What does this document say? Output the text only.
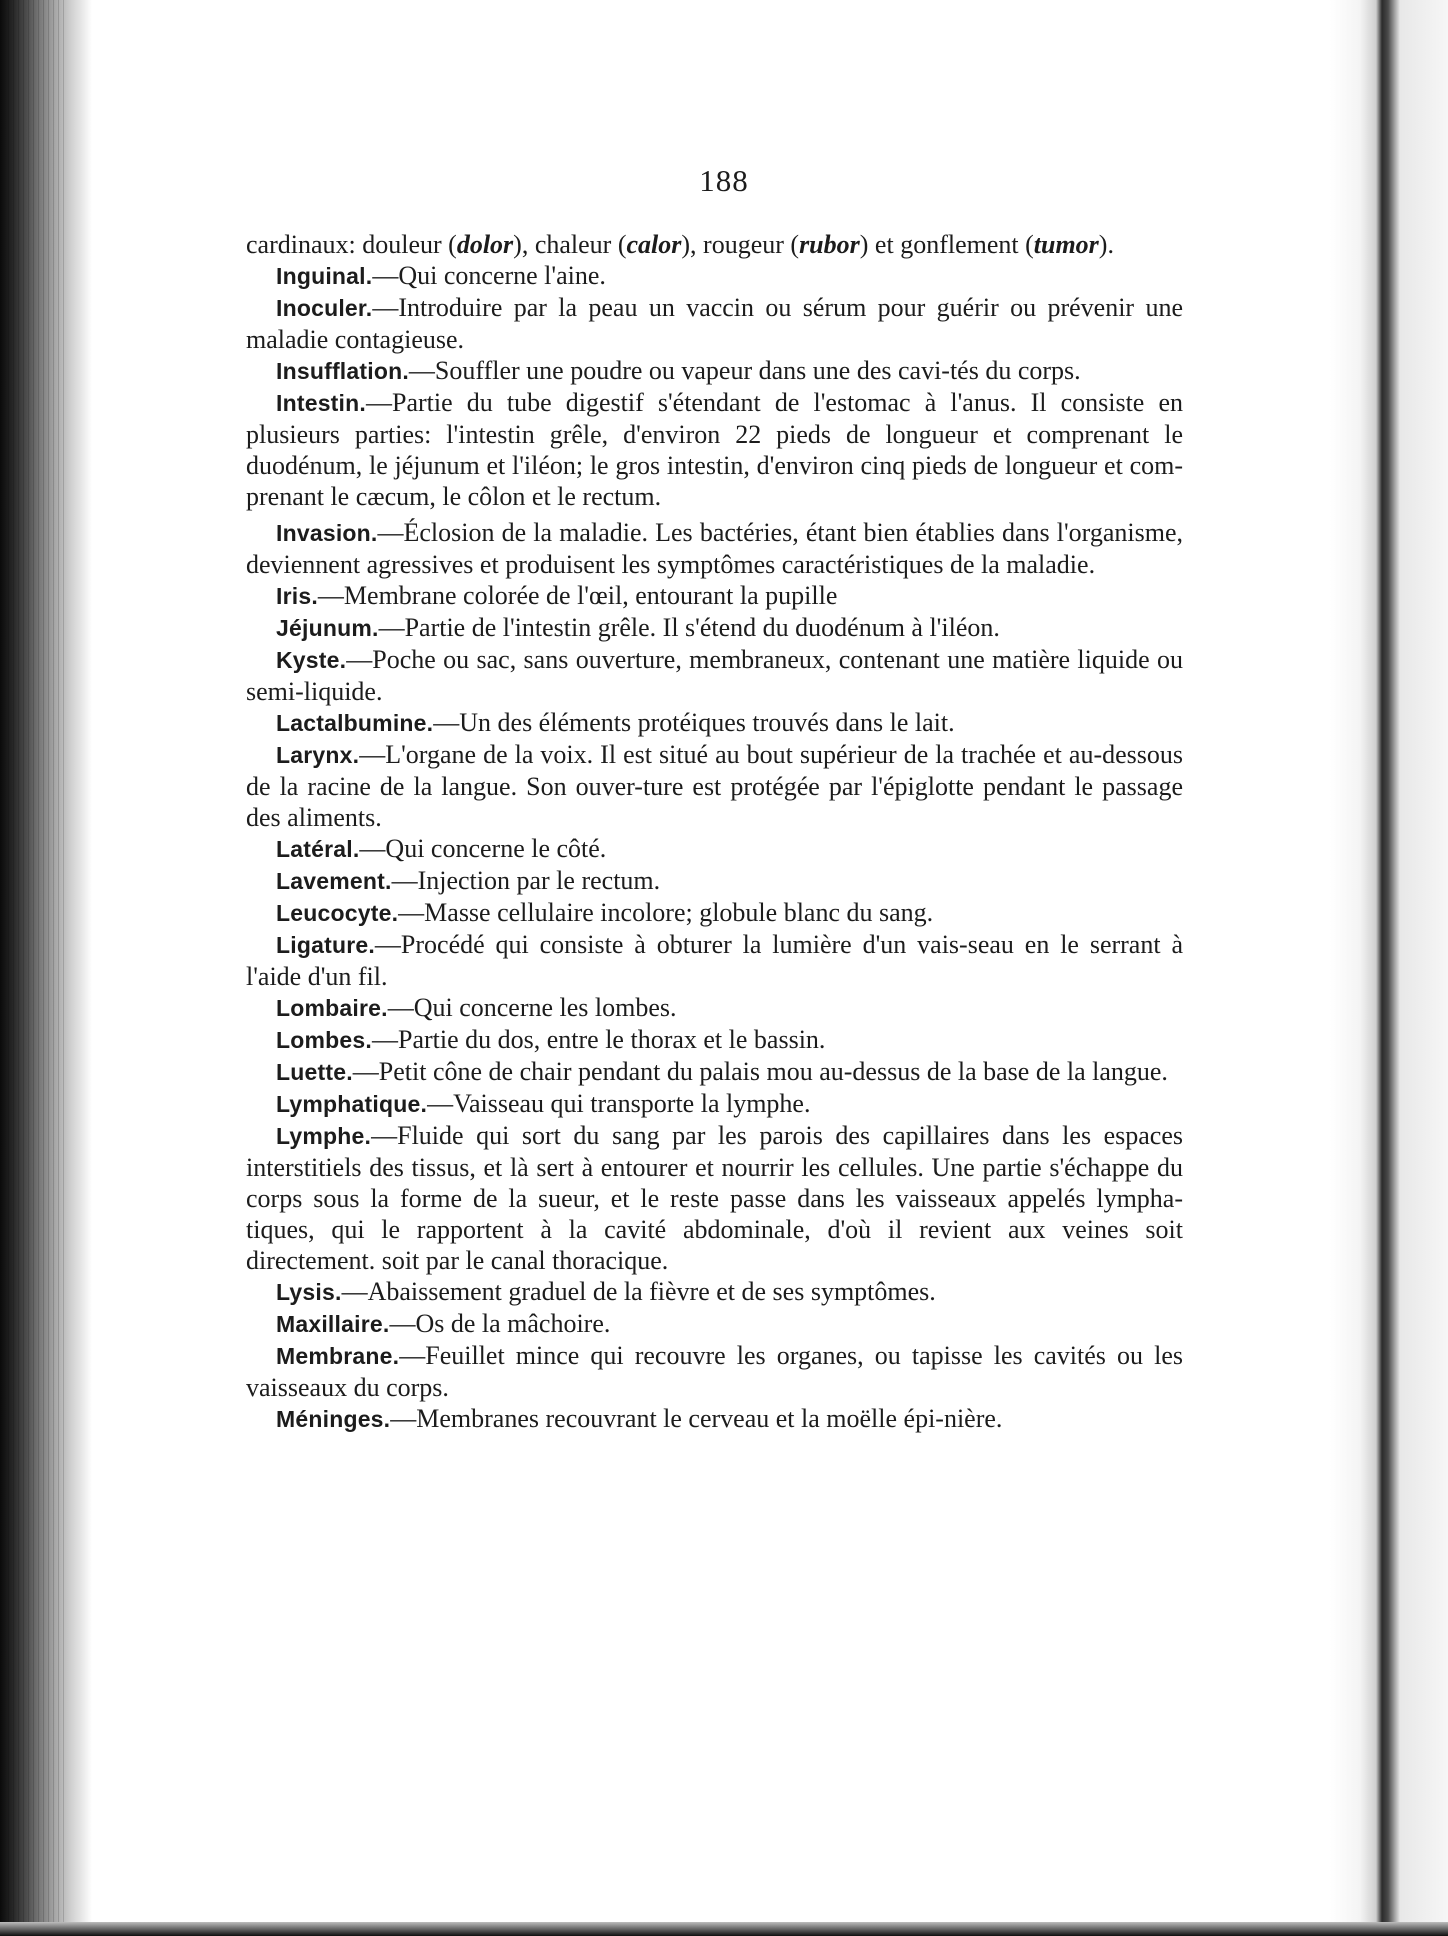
188

cardinaux: douleur (dolor), chaleur (calor), rougeur (rubor) et gonflement (tumor).

Inguinal.—Qui concerne l'aine.

Inoculer.—Introduire par la peau un vaccin ou sérum pour guérir ou prévenir une maladie contagieuse.

Insufflation.—Souffler une poudre ou vapeur dans une des cavi-tés du corps.

Intestin.—Partie du tube digestif s'étendant de l'estomac à l'anus. Il consiste en plusieurs parties: l'intestin grêle, d'environ 22 pieds de longueur et comprenant le duodénum, le jéjunum et l'iléon; le gros intestin, d'environ cinq pieds de longueur et com-prenant le cæcum, le côlon et le rectum.

Invasion.—Éclosion de la maladie. Les bactéries, étant bien établies dans l'organisme, deviennent agressives et produisent les symptômes caractéristiques de la maladie.

Iris.—Membrane colorée de l'œil, entourant la pupille

Jéjunum.—Partie de l'intestin grêle. Il s'étend du duodénum à l'iléon.

Kyste.—Poche ou sac, sans ouverture, membraneux, contenant une matière liquide ou semi-liquide.

Lactalbumine.—Un des éléments protéiques trouvés dans le lait.

Larynx.—L'organe de la voix. Il est situé au bout supérieur de la trachée et au-dessous de la racine de la langue. Son ouver-ture est protégée par l'épiglotte pendant le passage des aliments.

Latéral.—Qui concerne le côté.

Lavement.—Injection par le rectum.

Leucocyte.—Masse cellulaire incolore; globule blanc du sang.

Ligature.—Procédé qui consiste à obturer la lumière d'un vais-seau en le serrant à l'aide d'un fil.

Lombaire.—Qui concerne les lombes.

Lombes.—Partie du dos, entre le thorax et le bassin.

Luette.—Petit cône de chair pendant du palais mou au-dessus de la base de la langue.

Lymphatique.—Vaisseau qui transporte la lymphe.

Lymphe.—Fluide qui sort du sang par les parois des capillaires dans les espaces interstitiels des tissus, et là sert à entourer et nourrir les cellules. Une partie s'échappe du corps sous la forme de la sueur, et le reste passe dans les vaisseaux appelés lympha-tiques, qui le rapportent à la cavité abdominale, d'où il revient aux veines soit directement. soit par le canal thoracique.

Lysis.—Abaissement graduel de la fièvre et de ses symptômes.

Maxillaire.—Os de la mâchoire.

Membrane.—Feuillet mince qui recouvre les organes, ou tapisse les cavités ou les vaisseaux du corps.

Méninges.—Membranes recouvrant le cerveau et la moëlle épi-nière.
